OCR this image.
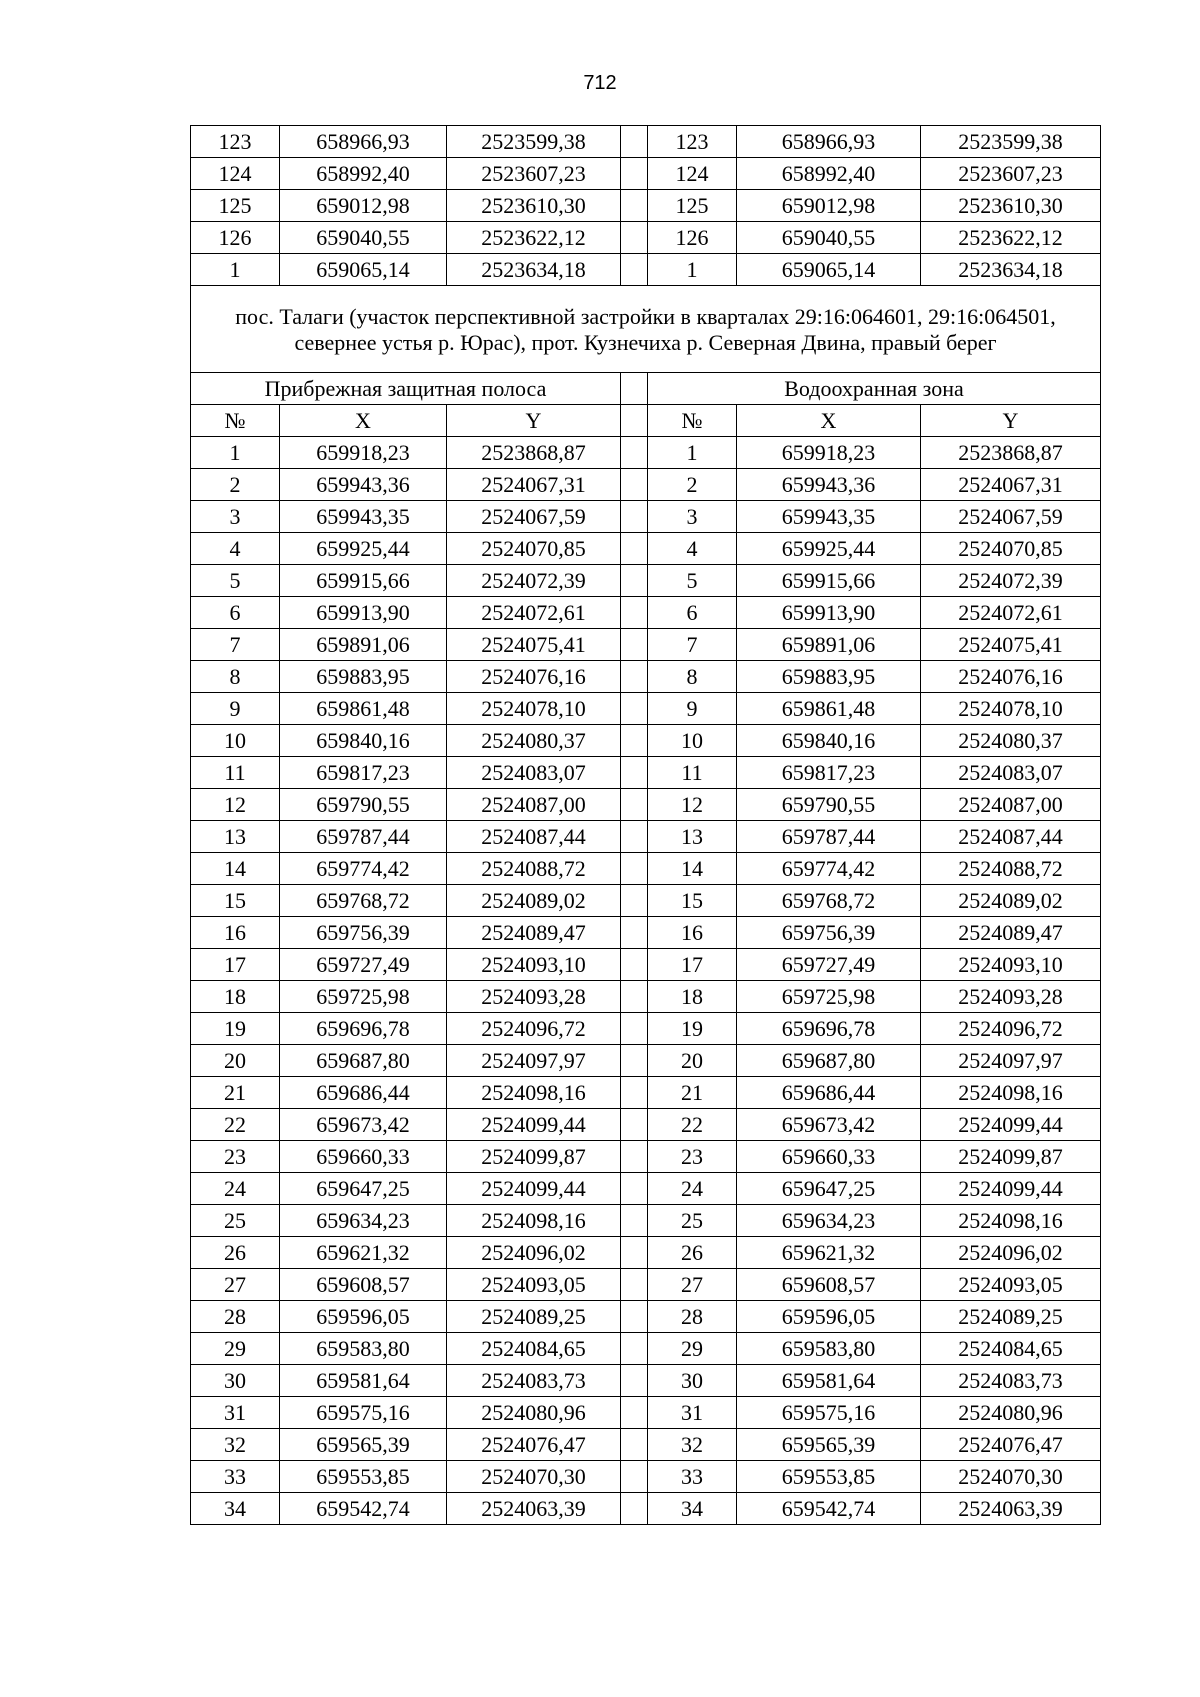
712
123	658966,93	2523599,38		123	658966,93	2523599,38
124	658992,40	2523607,23		124	658992,40	2523607,23
125	659012,98	2523610,30		125	659012,98	2523610,30
126	659040,55	2523622,12		126	659040,55	2523622,12
1	659065,14	2523634,18		1	659065,14	2523634,18
пос. Талаги (участок перспективной застройки в кварталах 29:16:064601, 29:16:064501, севернее устья р. Юрас), прот. Кузнечиха р. Северная Двина, правый берег						
Прибрежная защитная полоса				Водоохранная зона		
№	X	Y		№	X	Y
1	659918,23	2523868,87		1	659918,23	2523868,87
2	659943,36	2524067,31		2	659943,36	2524067,31
3	659943,35	2524067,59		3	659943,35	2524067,59
4	659925,44	2524070,85		4	659925,44	2524070,85
5	659915,66	2524072,39		5	659915,66	2524072,39
6	659913,90	2524072,61		6	659913,90	2524072,61
7	659891,06	2524075,41		7	659891,06	2524075,41
8	659883,95	2524076,16		8	659883,95	2524076,16
9	659861,48	2524078,10		9	659861,48	2524078,10
10	659840,16	2524080,37		10	659840,16	2524080,37
11	659817,23	2524083,07		11	659817,23	2524083,07
12	659790,55	2524087,00		12	659790,55	2524087,00
13	659787,44	2524087,44		13	659787,44	2524087,44
14	659774,42	2524088,72		14	659774,42	2524088,72
15	659768,72	2524089,02		15	659768,72	2524089,02
16	659756,39	2524089,47		16	659756,39	2524089,47
17	659727,49	2524093,10		17	659727,49	2524093,10
18	659725,98	2524093,28		18	659725,98	2524093,28
19	659696,78	2524096,72		19	659696,78	2524096,72
20	659687,80	2524097,97		20	659687,80	2524097,97
21	659686,44	2524098,16		21	659686,44	2524098,16
22	659673,42	2524099,44		22	659673,42	2524099,44
23	659660,33	2524099,87		23	659660,33	2524099,87
24	659647,25	2524099,44		24	659647,25	2524099,44
25	659634,23	2524098,16		25	659634,23	2524098,16
26	659621,32	2524096,02		26	659621,32	2524096,02
27	659608,57	2524093,05		27	659608,57	2524093,05
28	659596,05	2524089,25		28	659596,05	2524089,25
29	659583,80	2524084,65		29	659583,80	2524084,65
30	659581,64	2524083,73		30	659581,64	2524083,73
31	659575,16	2524080,96		31	659575,16	2524080,96
32	659565,39	2524076,47		32	659565,39	2524076,47
33	659553,85	2524070,30		33	659553,85	2524070,30
34	659542,74	2524063,39		34	659542,74	2524063,39
